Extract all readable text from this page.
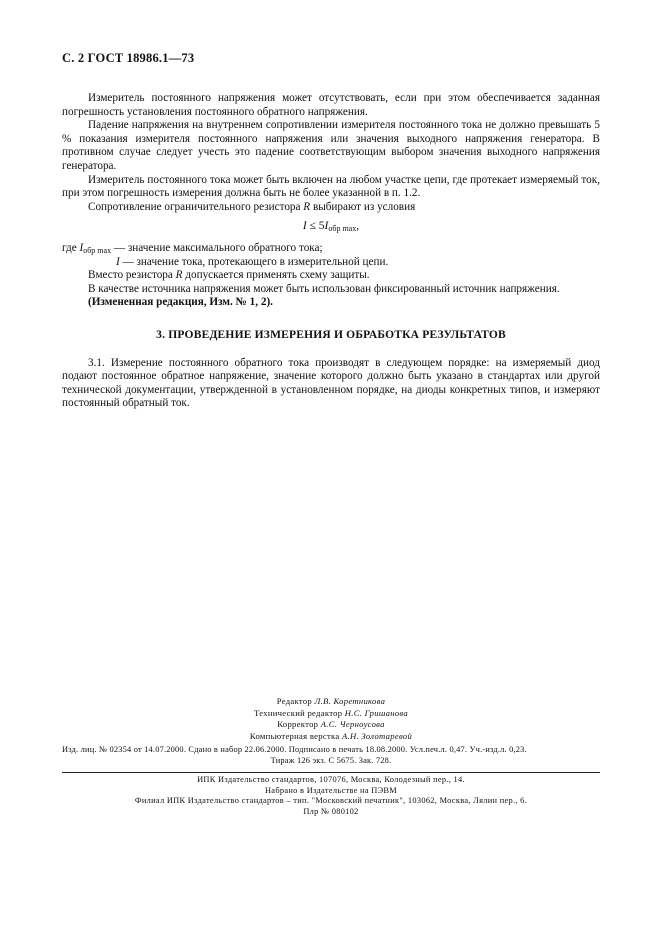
С. 2 ГОСТ 18986.1—73

Измеритель постоянного напряжения может отсутствовать, если при этом обеспечивается заданная погрешность установления постоянного обратного напряжения.

Падение напряжения на внутреннем сопротивлении измерителя постоянного тока не должно превышать 5 % показания измерителя постоянного напряжения или значения выходного напряжения генератора. В противном случае следует учесть это падение соответствующим выбором значения выходного напряжения генератора.

Измеритель постоянного тока может быть включен на любом участке цепи, где протекает измеряемый ток, при этом погрешность измерения должна быть не более указанной в п. 1.2.

Сопротивление ограничительного резистора R выбирают из условия

$I \le 5I_{обр max}$,

где $I_{обр max}$ — значение максимального обратного тока;

I — значение тока, протекающего в измерительной цепи.

Вместо резистора R допускается применять схему защиты.

В качестве источника напряжения может быть использован фиксированный источник напряжения.

(Измененная редакция, Изм. № 1, 2).

3. ПРОВЕДЕНИЕ ИЗМЕРЕНИЯ И ОБРАБОТКА РЕЗУЛЬТАТОВ

3.1. Измерение постоянного обратного тока производят в следующем порядке: на измеряемый диод подают постоянное обратное напряжение, значение которого должно быть указано в стандартах или другой технической документации, утвержденной в установленном порядке, на диоды конкретных типов, и измеряют постоянный обратный ток.

Редактор Л.В. Коретникова
Технический редактор Н.С. Гришанова
Корректор А.С. Черноусова
Компьютерная верстка А.Н. Золотаревой
Изд. лиц. № 02354 от 14.07.2000. Сдано в набор 22.06.2000. Подписано в печать 18.08.2000. Усл.печ.л. 0,47. Уч.-изд.л. 0,23.
Тираж 126 экз. С 5675. Зак. 728.
ИПК Издательство стандартов, 107076, Москва, Колодезный пер., 14.
Набрано в Издательстве на ПЭВМ
Филиал ИПК Издательство стандартов – тип. "Московский печатник", 103062, Москва, Лялин пер., 6.
Плр № 080102
